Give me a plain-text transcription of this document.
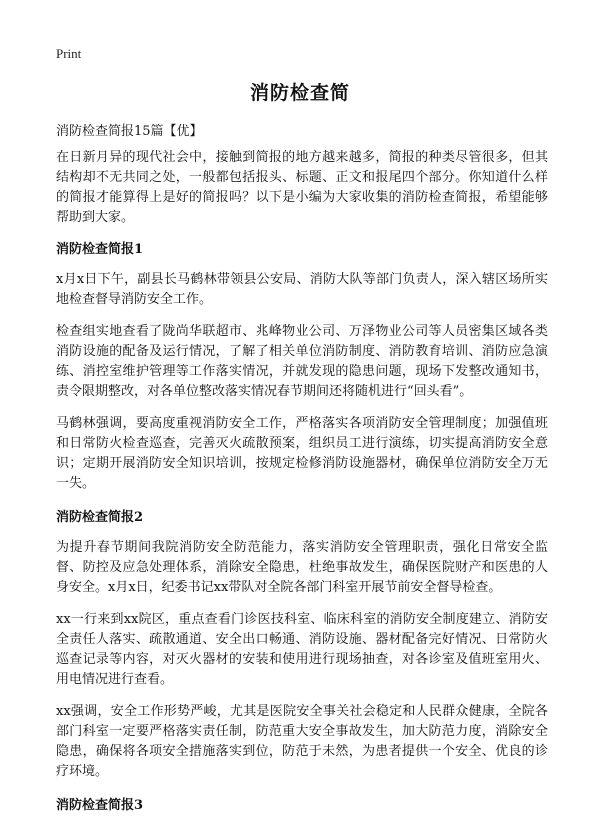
Print
消防检查简
消防检查简报15篇【优】

在日新月异的现代社会中，接触到简报的地方越来越多，简报的种类尽管很多，但其结构却不无共同之处，一般都包括报头、标题、正文和报尾四个部分。你知道什么样的简报才能算得上是好的简报吗？以下是小编为大家收集的消防检查简报，希望能够帮助到大家。

消防检查简报1

x月x日下午，副县长马鹤林带领县公安局、消防大队等部门负责人，深入辖区场所实地检查督导消防安全工作。

检查组实地查看了陇尚华联超市、兆峰物业公司、万泽物业公司等人员密集区域各类消防设施的配备及运行情况，了解了相关单位消防制度、消防教育培训、消防应急演练、消控室维护管理等工作落实情况，并就发现的隐患问题，现场下发整改通知书，责令限期整改，对各单位整改落实情况春节期间还将随机进行“回头看”。

马鹤林强调，要高度重视消防安全工作，严格落实各项消防安全管理制度；加强值班和日常防火检查巡查，完善灭火疏散预案，组织员工进行演练，切实提高消防安全意识；定期开展消防安全知识培训，按规定检修消防设施器材，确保单位消防安全万无一失。

消防检查简报2

为提升春节期间我院消防安全防范能力，落实消防安全管理职责，强化日常安全监督、防控及应急处理体系，消除安全隐患，杜绝事故发生，确保医院财产和医患的人身安全。x月x日，纪委书记xx带队对全院各部门科室开展节前安全督导检查。

xx一行来到xx院区，重点查看门诊医技科室、临床科室的消防安全制度建立、消防安全责任人落实、疏散通道、安全出口畅通、消防设施、器材配备完好情况、日常防火巡查记录等内容，对灭火器材的安装和使用进行现场抽查，对各诊室及值班室用火、用电情况进行查看。

xx强调，安全工作形势严峻，尤其是医院安全事关社会稳定和人民群众健康，全院各部门科室一定要严格落实责任制，防范重大安全事故发生，加大防范力度，消除安全隐患，确保将各项安全措施落实到位，防范于未然，为患者提供一个安全、优良的诊疗环境。

消防检查简报3
